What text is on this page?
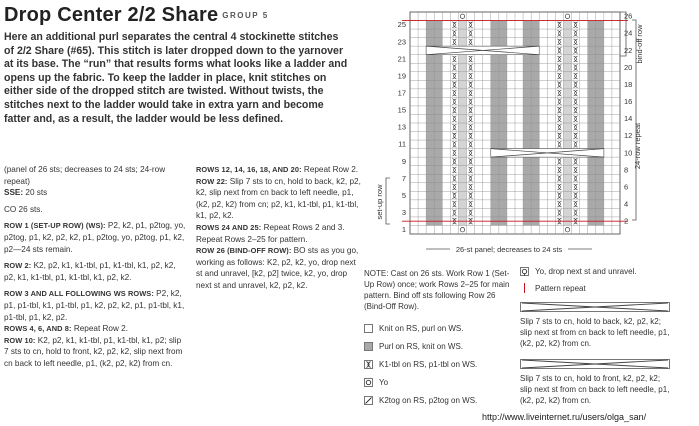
Drop Center 2/2 Share GROUP 5
Here an additional purl separates the central 4 stockinette stitches of 2/2 Share (#65). This stitch is later dropped down to the yarnover at its base. The “run” that results forms what looks like a ladder and opens up the fabric. To keep the ladder in place, knit stitches on either side of the dropped stitch are twisted. Without twists, the stitches next to the ladder would take in extra yarn and become fatter and, as a result, the ladder would be less defined.

(panel of 26 sts; decreases to 24 sts; 24-row repeat)

SSE: 20 sts

CO 26 sts.

ROW 1 (SET-UP ROW) (WS): P2, k2, p1, p2tog, yo, p2tog, p1, k2, p2, k2, p1, p2tog, yo, p2tog, p1, k2, p2—24 sts remain.

ROW 2: K2, p2, k1, k1-tbl, p1, k1-tbl, k1, p2, k2, p2, k1, k1-tbl, p1, k1-tbl, k1, p2, k2.

ROW 3 AND ALL FOLLOWING WS ROWS: P2, k2, p1, p1-tbl, k1, p1-tbl, p1, k2, p2, k2, p1, p1-tbl, k1, p1-tbl, p1, k2, p2.

ROWS 4, 6, AND 8: Repeat Row 2.

ROW 10: K2, p2, k1, k1-tbl, p1, k1-tbl, k1, p2; slip 7 sts to cn, hold to front, k2, p2, k2, slip next from cn back to left needle, p1, (k2, p2, k2) from cn.

ROWS 12, 14, 16, 18, AND 20: Repeat Row 2.

ROW 22: Slip 7 sts to cn, hold to back, k2, p2, k2, slip next from cn back to left needle, p1, (k2, p2, k2) from cn; p2, k1, k1-tbl, p1, k1-tbl, k1, p2, k2.

ROWS 24 AND 25: Repeat Rows 2 and 3.

Repeat Rows 2–25 for pattern.

ROW 26 (BIND-OFF ROW): BO sts as you go, working as follows: K2, p2, k2, yo, drop next st and unravel, [k2, p2] twice, k2, yo, drop next st and unravel, k2, p2, k2.

25
23
21
19
17
15
13
11
9
7
5
3
1
26
24
22
20
18
16
14
12
10
8
6
4
2
bind-off row
24-row repeat
set-up row
26-st panel; decreases to 24 sts

NOTE: Cast on 26 sts. Work Row 1 (Set-Up Row) once; work Rows 2–25 for main pattern. Bind off sts following Row 26 (Bind-Off Row).

Knit on RS, purl on WS.
Purl on RS, knit on WS.
K1-tbl on RS, p1-tbl on WS.
Yo
K2tog on RS, p2tog on WS.
Yo, drop next st and unravel.
Pattern repeat

Slip 7 sts to cn, hold to back, k2, p2, k2; slip next st from cn back to left needle, p1, (k2, p2, k2) from cn.

Slip 7 sts to cn, hold to front, k2, p2, k2; slip next st from cn back to left needle, p1, (k2, p2, k2) from cn.

http://www.liveinternet.ru/users/olga_san/
